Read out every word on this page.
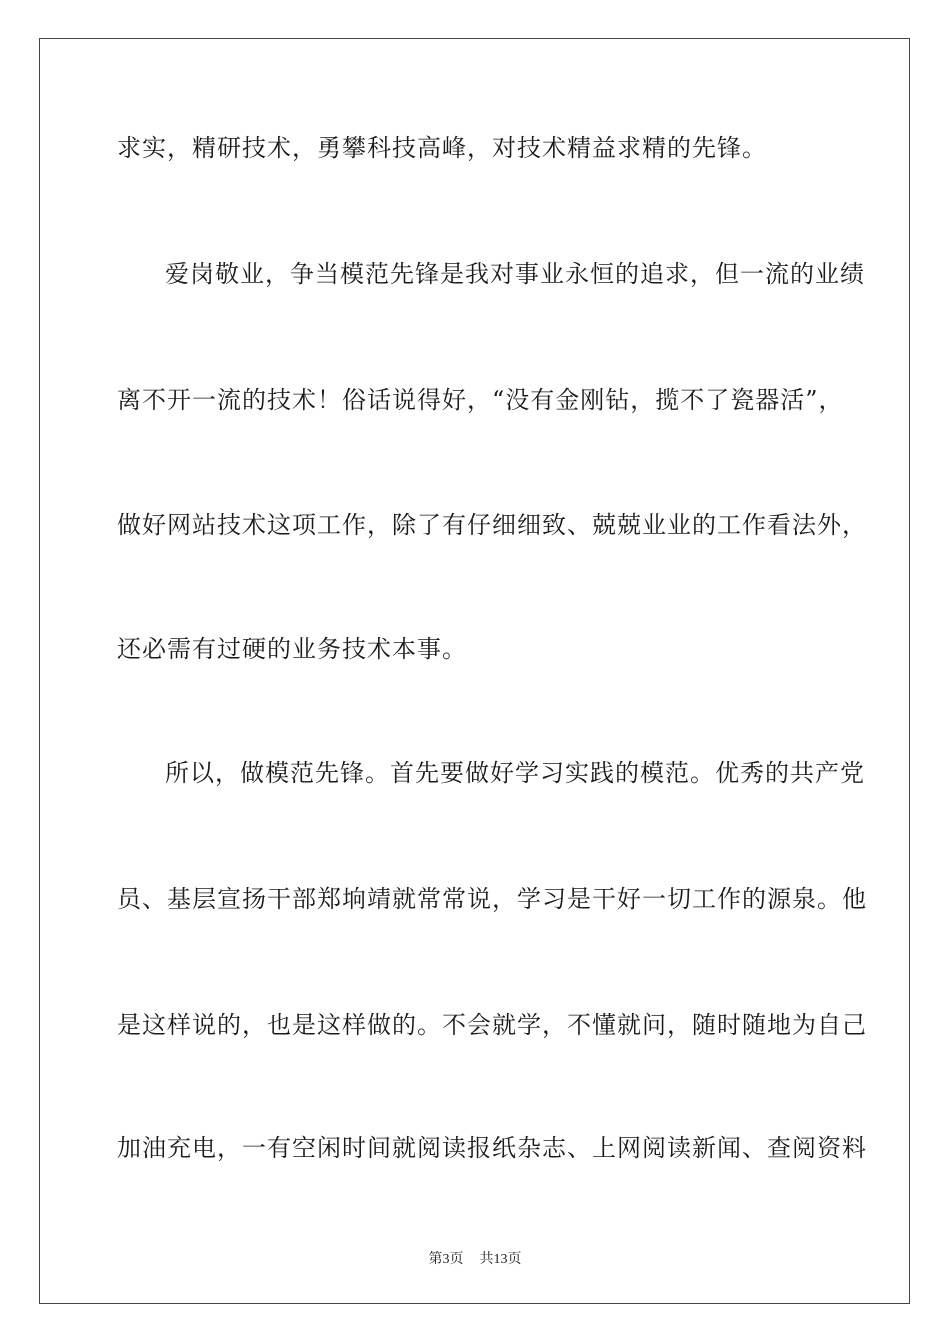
求实，精研技术，勇攀科技高峰，对技术精益求精的先锋。
爱岗敬业，争当模范先锋是我对事业永恒的追求，但一流的业绩
离不开一流的技术！俗话说得好，“没有金刚钻，揽不了瓷器活”，
做好网站技术这项工作，除了有仔细细致、兢兢业业的工作看法外，
还必需有过硬的业务技术本事。
所以，做模范先锋。首先要做好学习实践的模范。优秀的共产党
员、基层宣扬干部郑垧靖就常常说，学习是干好一切工作的源泉。他
是这样说的，也是这样做的。不会就学，不懂就问，随时随地为自己
加油充电，一有空闲时间就阅读报纸杂志、上网阅读新闻、查阅资料
第3页 共13页
